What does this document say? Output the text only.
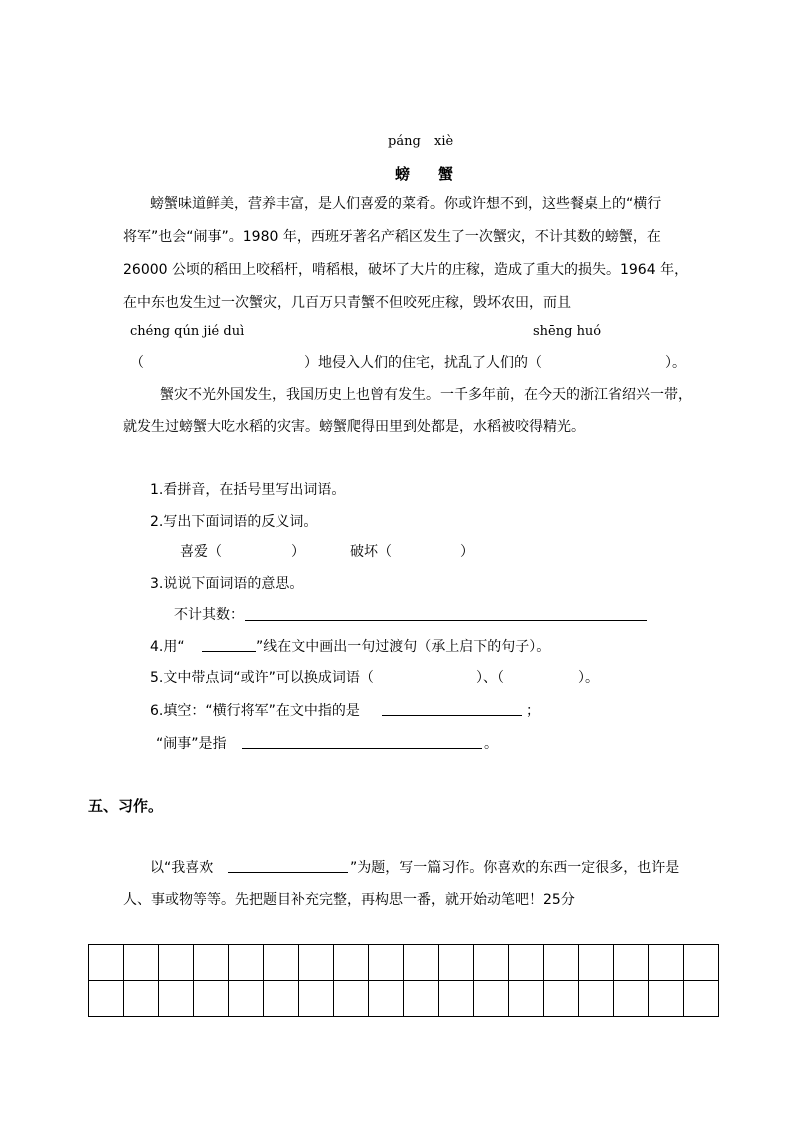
páng xiè
螃 蟹
螃蟹味道鲜美，营养丰富，是人们喜爱的菜肴。你或许想不到，这些餐桌上的“横行
将军”也会“闹事”。1980 年，西班牙著名产稻区发生了一次蟹灾，不计其数的螃蟹，在
26000 公顷的稻田上咬稻杆，啃稻根，破坏了大片的庄稼，造成了重大的损失。1964 年，
在中东也发生过一次蟹灾，几百万只青蟹不但咬死庄稼，毁坏农田，而且
chéng qún jié duì	shēng huó
（	）地侵入人们的住宅，扰乱了人们的（	）。
蟹灾不光外国发生，我国历史上也曾有发生。一千多年前，在今天的浙江省绍兴一带，
就发生过螃蟹大吃水稻的灾害。螃蟹爬得田里到处都是，水稻被咬得精光。
1.看拼音，在括号里写出词语。
2.写出下面词语的反义词。
喜爱（	）	破坏（	）
3.说说下面词语的意思。
不计其数：
4.用“	”线在文中画出一句过渡句（承上启下的句子）。
5.文中带点词“或许”可以换成词语（	）、（	）。
6.填空：“横行将军”在文中指的是	；
“闹事”是指	。
五、习作。
以“我喜欢	”为题，写一篇习作。你喜欢的东西一定很多，也许是
人、事或物等等。先把题目补充完整，再构思一番，就开始动笔吧！25分
